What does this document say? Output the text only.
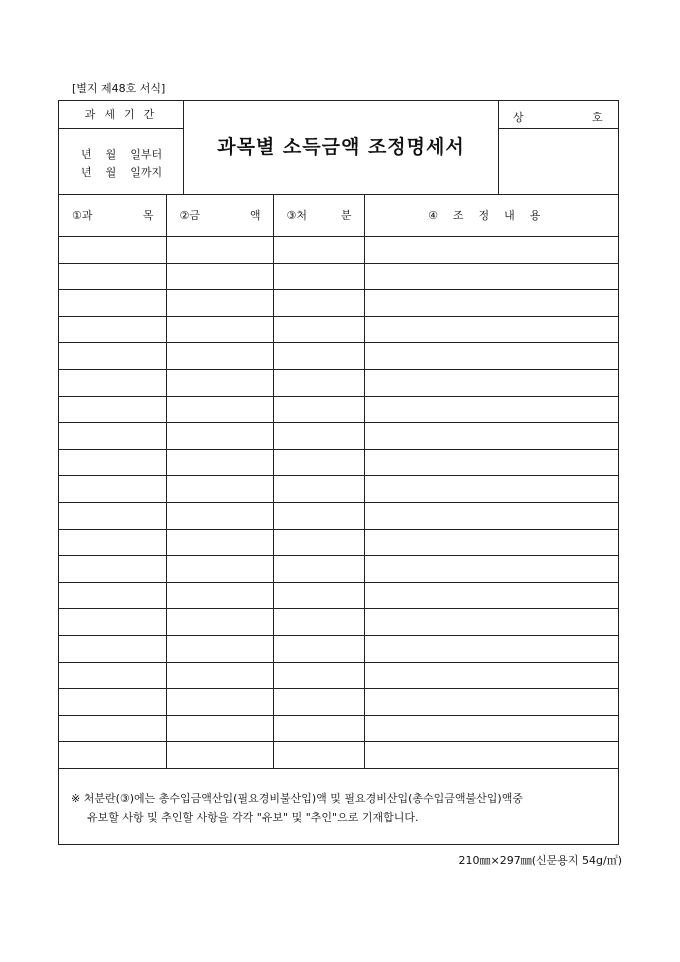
[별지 제48호 서식]
과세기간
년    월    일부터
년    월    일까지
과목별 소득금액 조정명세서
상	호
①과 목	②금 액	③처 분	④조정내용

※ 처분란(③)에는 총수입금액산입(필요경비불산입)액 및 필요경비산입(총수입금액불산입)액중
유보할 사항 및 추인할 사항을 각각 "유보" 및 "추인"으로 기재합니다.
210㎜×297㎜(신문용지 54g/㎡)
